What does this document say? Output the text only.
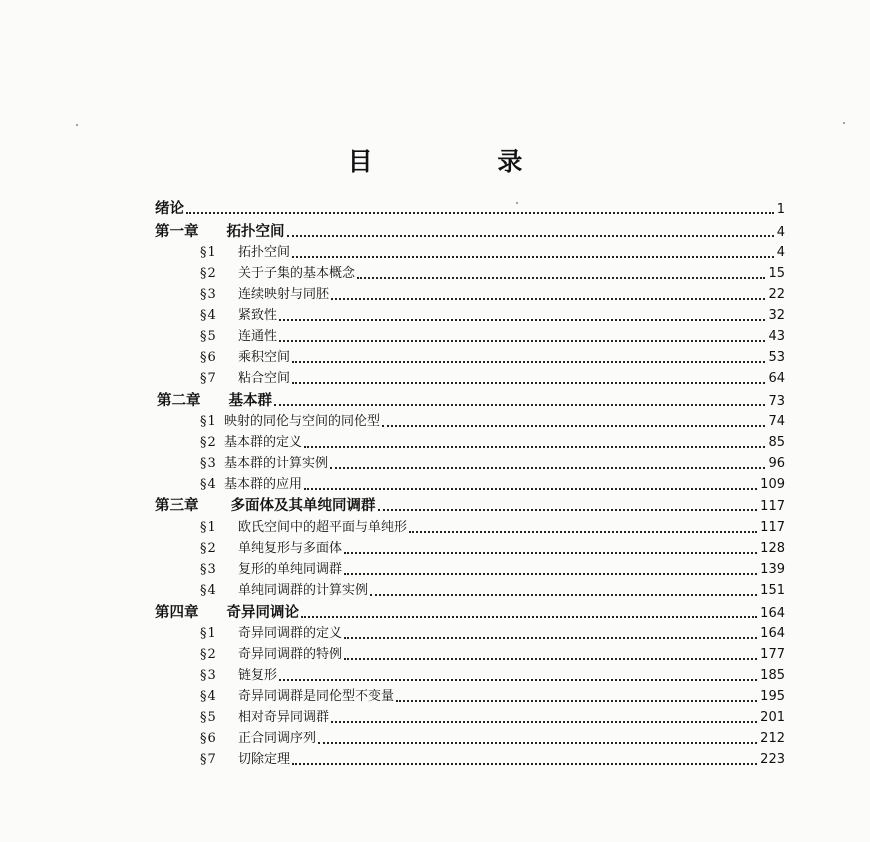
目 录
绪论	1
第一章 拓扑空间	4
§1	拓扑空间	4
§2	关于子集的基本概念	15
§3	连续映射与同胚	22
§4	紧致性	32
§5	连通性	43
§6	乘积空间	53
§7	粘合空间	64
第二章 基本群	73
§1 映射的同伦与空间的同伦型	74
§2 基本群的定义	85
§3 基本群的计算实例	96
§4 基本群的应用	109
第三章 多面体及其单纯同调群	117
§1	欧氏空间中的超平面与单纯形	117
§2	单纯复形与多面体	128
§3	复形的单纯同调群	139
§4	单纯同调群的计算实例	151
第四章 奇异同调论	164
§1	奇异同调群的定义	164
§2	奇异同调群的特例	177
§3	链复形	185
§4	奇异同调群是同伦型不变量	195
§5	相对奇异同调群	201
§6	正合同调序列	212
§7	切除定理	223
